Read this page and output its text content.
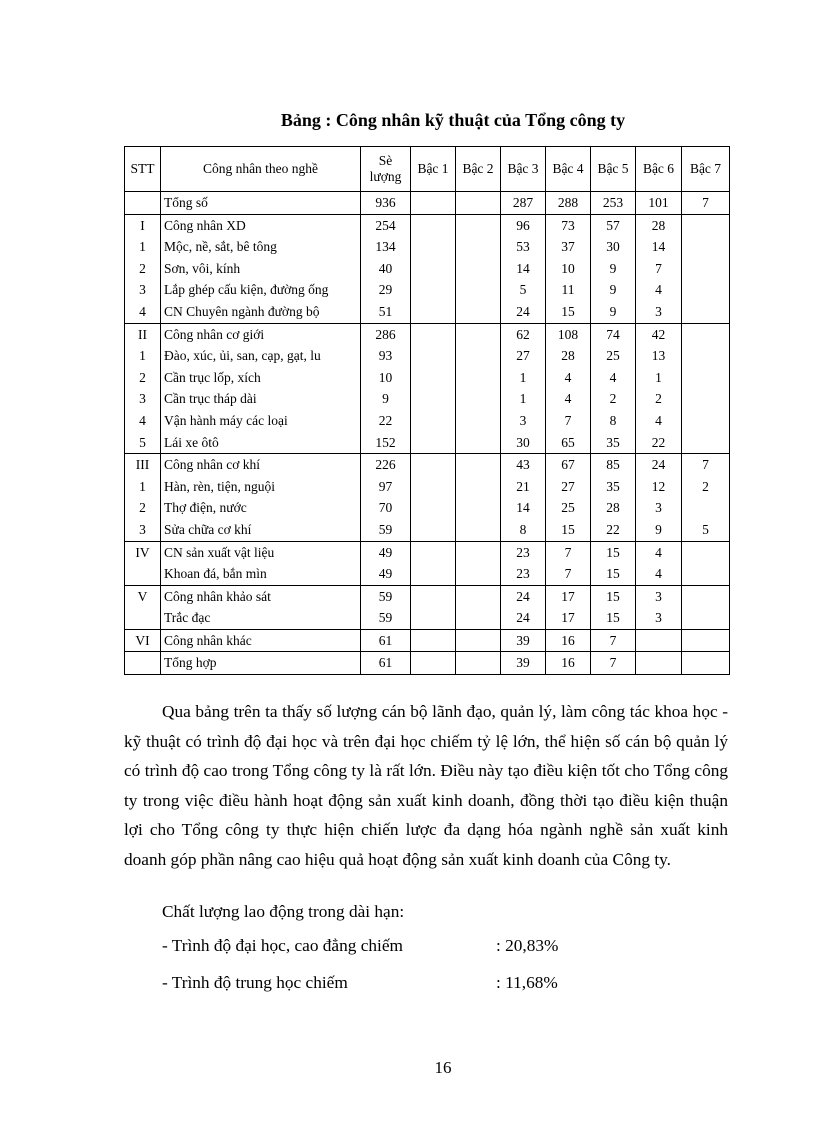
Bảng : Công nhân kỹ thuật của Tổng công ty
STT	Công nhân theo nghề	Sè lượng	Bậc 1	Bậc 2	Bậc 3	Bậc 4	Bậc 5	Bậc 6	Bậc 7
	Tổng số	936			287	288	253	101	7
I	Công nhân XD	254			96	73	57	28	
1	Mộc, nề, sắt, bê tông	134			53	37	30	14	
2	Sơn, vôi, kính	40			14	10	9	7	
3	Lắp ghép cấu kiện, đường ống	29			5	11	9	4	
4	CN Chuyên ngành đường bộ	51			24	15	9	3	
II	Công nhân cơ giới	286			62	108	74	42	
1	Đào, xúc, ủi, san, cạp, gạt, lu	93			27	28	25	13	
2	Cần trục lốp, xích	10			1	4	4	1	
3	Cần trục tháp dài	9			1	4	2	2	
4	Vận hành máy các loại	22			3	7	8	4	
5	Lái xe ôtô	152			30	65	35	22	
III	Công nhân cơ khí	226			43	67	85	24	7
1	Hàn, rèn, tiện, nguội	97			21	27	35	12	2
2	Thợ điện, nước	70			14	25	28	3	
3	Sửa chữa cơ khí	59			8	15	22	9	5
IV	CN sản xuất vật liệu	49			23	7	15	4	
	Khoan đá, bắn mìn	49			23	7	15	4	
V	Công nhân khảo sát	59			24	17	15	3	
	Trắc đạc	59			24	17	15	3	
VI	Công nhân khác	61			39	16	7		
	Tổng hợp	61			39	16	7		
Qua bảng trên ta thấy số lượng cán bộ lãnh đạo, quản lý, làm công tác khoa học - kỹ thuật có trình độ đại học và trên đại học chiếm tỷ lệ lớn, thể hiện số cán bộ quản lý có trình độ cao trong Tổng công ty là rất lớn. Điều này tạo điều kiện tốt cho Tổng công ty trong việc điều hành hoạt động sản xuất kinh doanh, đồng thời tạo điều kiện thuận lợi cho Tổng công ty thực hiện chiến lược đa dạng hóa ngành nghề sản xuất kinh doanh góp phần nâng cao hiệu quả hoạt động sản xuất kinh doanh của Công ty.
Chất lượng lao động trong dài hạn:
- Trình độ đại học, cao đẳng chiếm	: 20,83%
- Trình độ trung học chiếm	: 11,68%
16
